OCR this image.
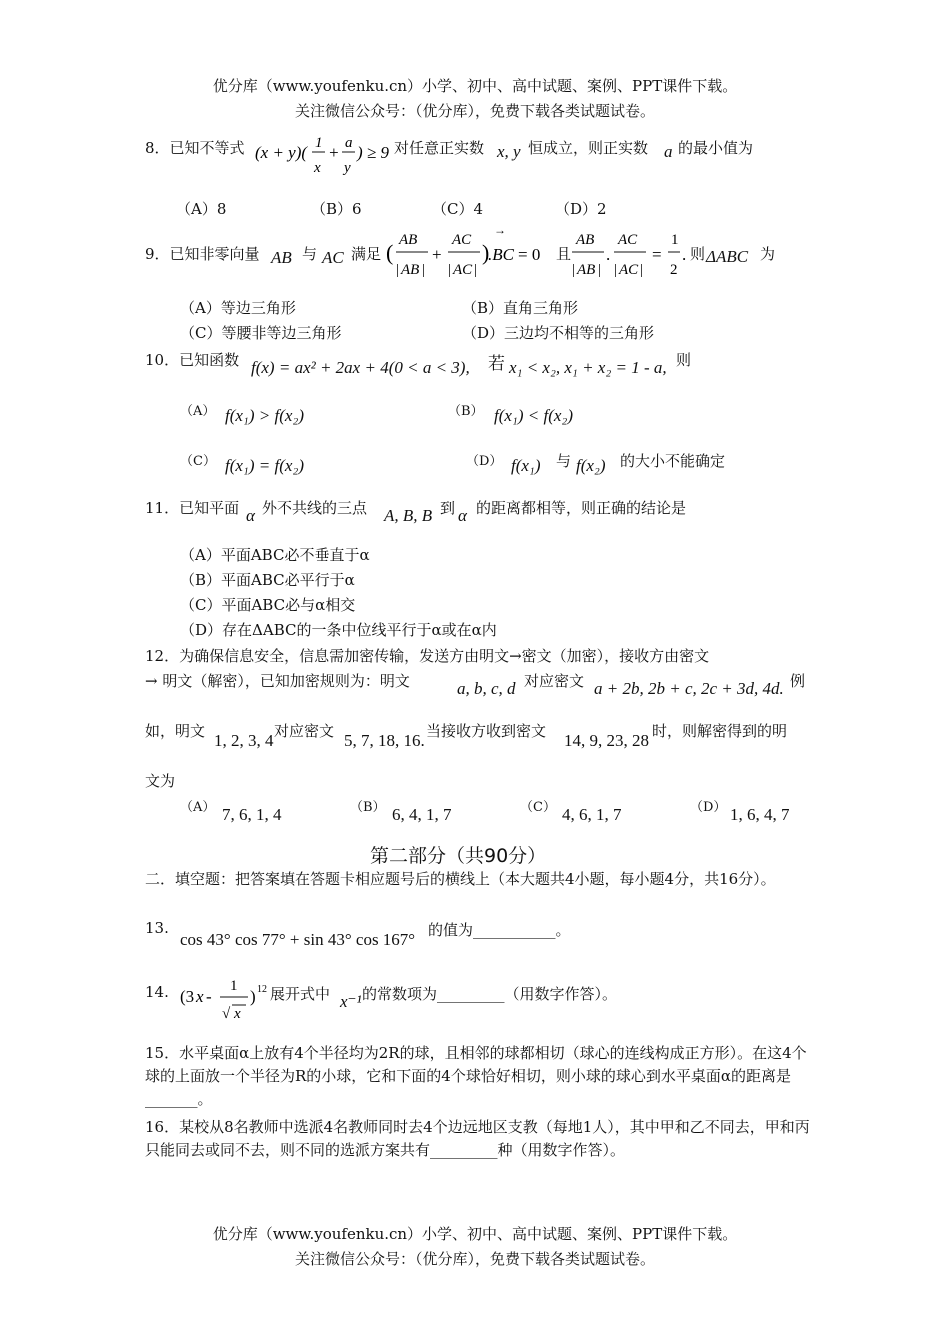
优分库（www.youfenku.cn）小学、初中、高中试题、案例、PPT课件下载。
关注微信公众号：（优分库），免费下载各类试题试卷。
8．已知不等式 (x + y)( 1
x
+ a
y
) ≥ 9 对任意正实数 x, y 恒成立，则正实数 a 的最小值为
（A）8	（B）6	（C）4	（D）2
9．已知非零向量 AB 与 AC 满足 ( AB
| AB |
+
AC
| AC |
)
.BC
→
= 0 且
AB
| AB |
.
AC
| AC |
=
1
2
. 则 ΔABC 为
（A）等边三角形	（B）直角三角形
（C）等腰非等边三角形	（D）三边均不相等的三角形
10．已知函数 f(x) = ax² + 2ax + 4(0 < a < 3), 若 x₁ < x₂, x₁ + x₂ = 1 - a, 则
（A） f(x₁) > f(x₂)	（B） f(x₁) < f(x₂)
（C） f(x₁) = f(x₂)	（D） f(x₁) 与 f(x₂) 的大小不能确定
11．已知平面 α 外不共线的三点 A, B, B 到 α 的距离都相等，则正确的结论是
（A）平面ABC必不垂直于α
（B）平面ABC必平行于α
（C）平面ABC必与α相交
（D）存在ΔABC的一条中位线平行于α或在α内
12．为确保信息安全，信息需加密传输，发送方由明文→密文（加密），接收方由密文
→ 明文（解密），已知加密规则为：明文	a, b, c, d 对应密文 a + 2b, 2b + c, 2c + 3d, 4d. 例
如，明文 1, 2, 3, 4 对应密文 5, 7, 18, 16. 当接收方收到密文 14, 9, 23, 28 时，则解密得到的明
文为
（A） 7, 6, 1, 4	（B） 6, 4, 1, 7	（C） 4, 6, 1, 7	（D） 1, 6, 4, 7
第二部分（共90分）
二．填空题：把答案填在答题卡相应题号后的横线上（本大题共4小题，每小题4分，共16分）。
13.
cos 43° cos 77° + sin 43° cos 167° 的值为___________。
14. (3 x -
1
√ x
) 12 展开式中 x⁻¹ 的常数项为_________（用数字作答）。
15．水平桌面α上放有4个半径均为2R的球，且相邻的球都相切（球心的连线构成正方形）。在这4个球的上面放一个半径为R的小球，它和下面的4个球恰好相切，则小球的球心到水平桌面α的距离是_______。
16．某校从8名教师中选派4名教师同时去4个边远地区支教（每地1人），其中甲和乙不同去，甲和丙只能同去或同不去，则不同的选派方案共有_________种（用数字作答）。
优分库（www.youfenku.cn）小学、初中、高中试题、案例、PPT课件下载。
关注微信公众号：（优分库），免费下载各类试题试卷。
